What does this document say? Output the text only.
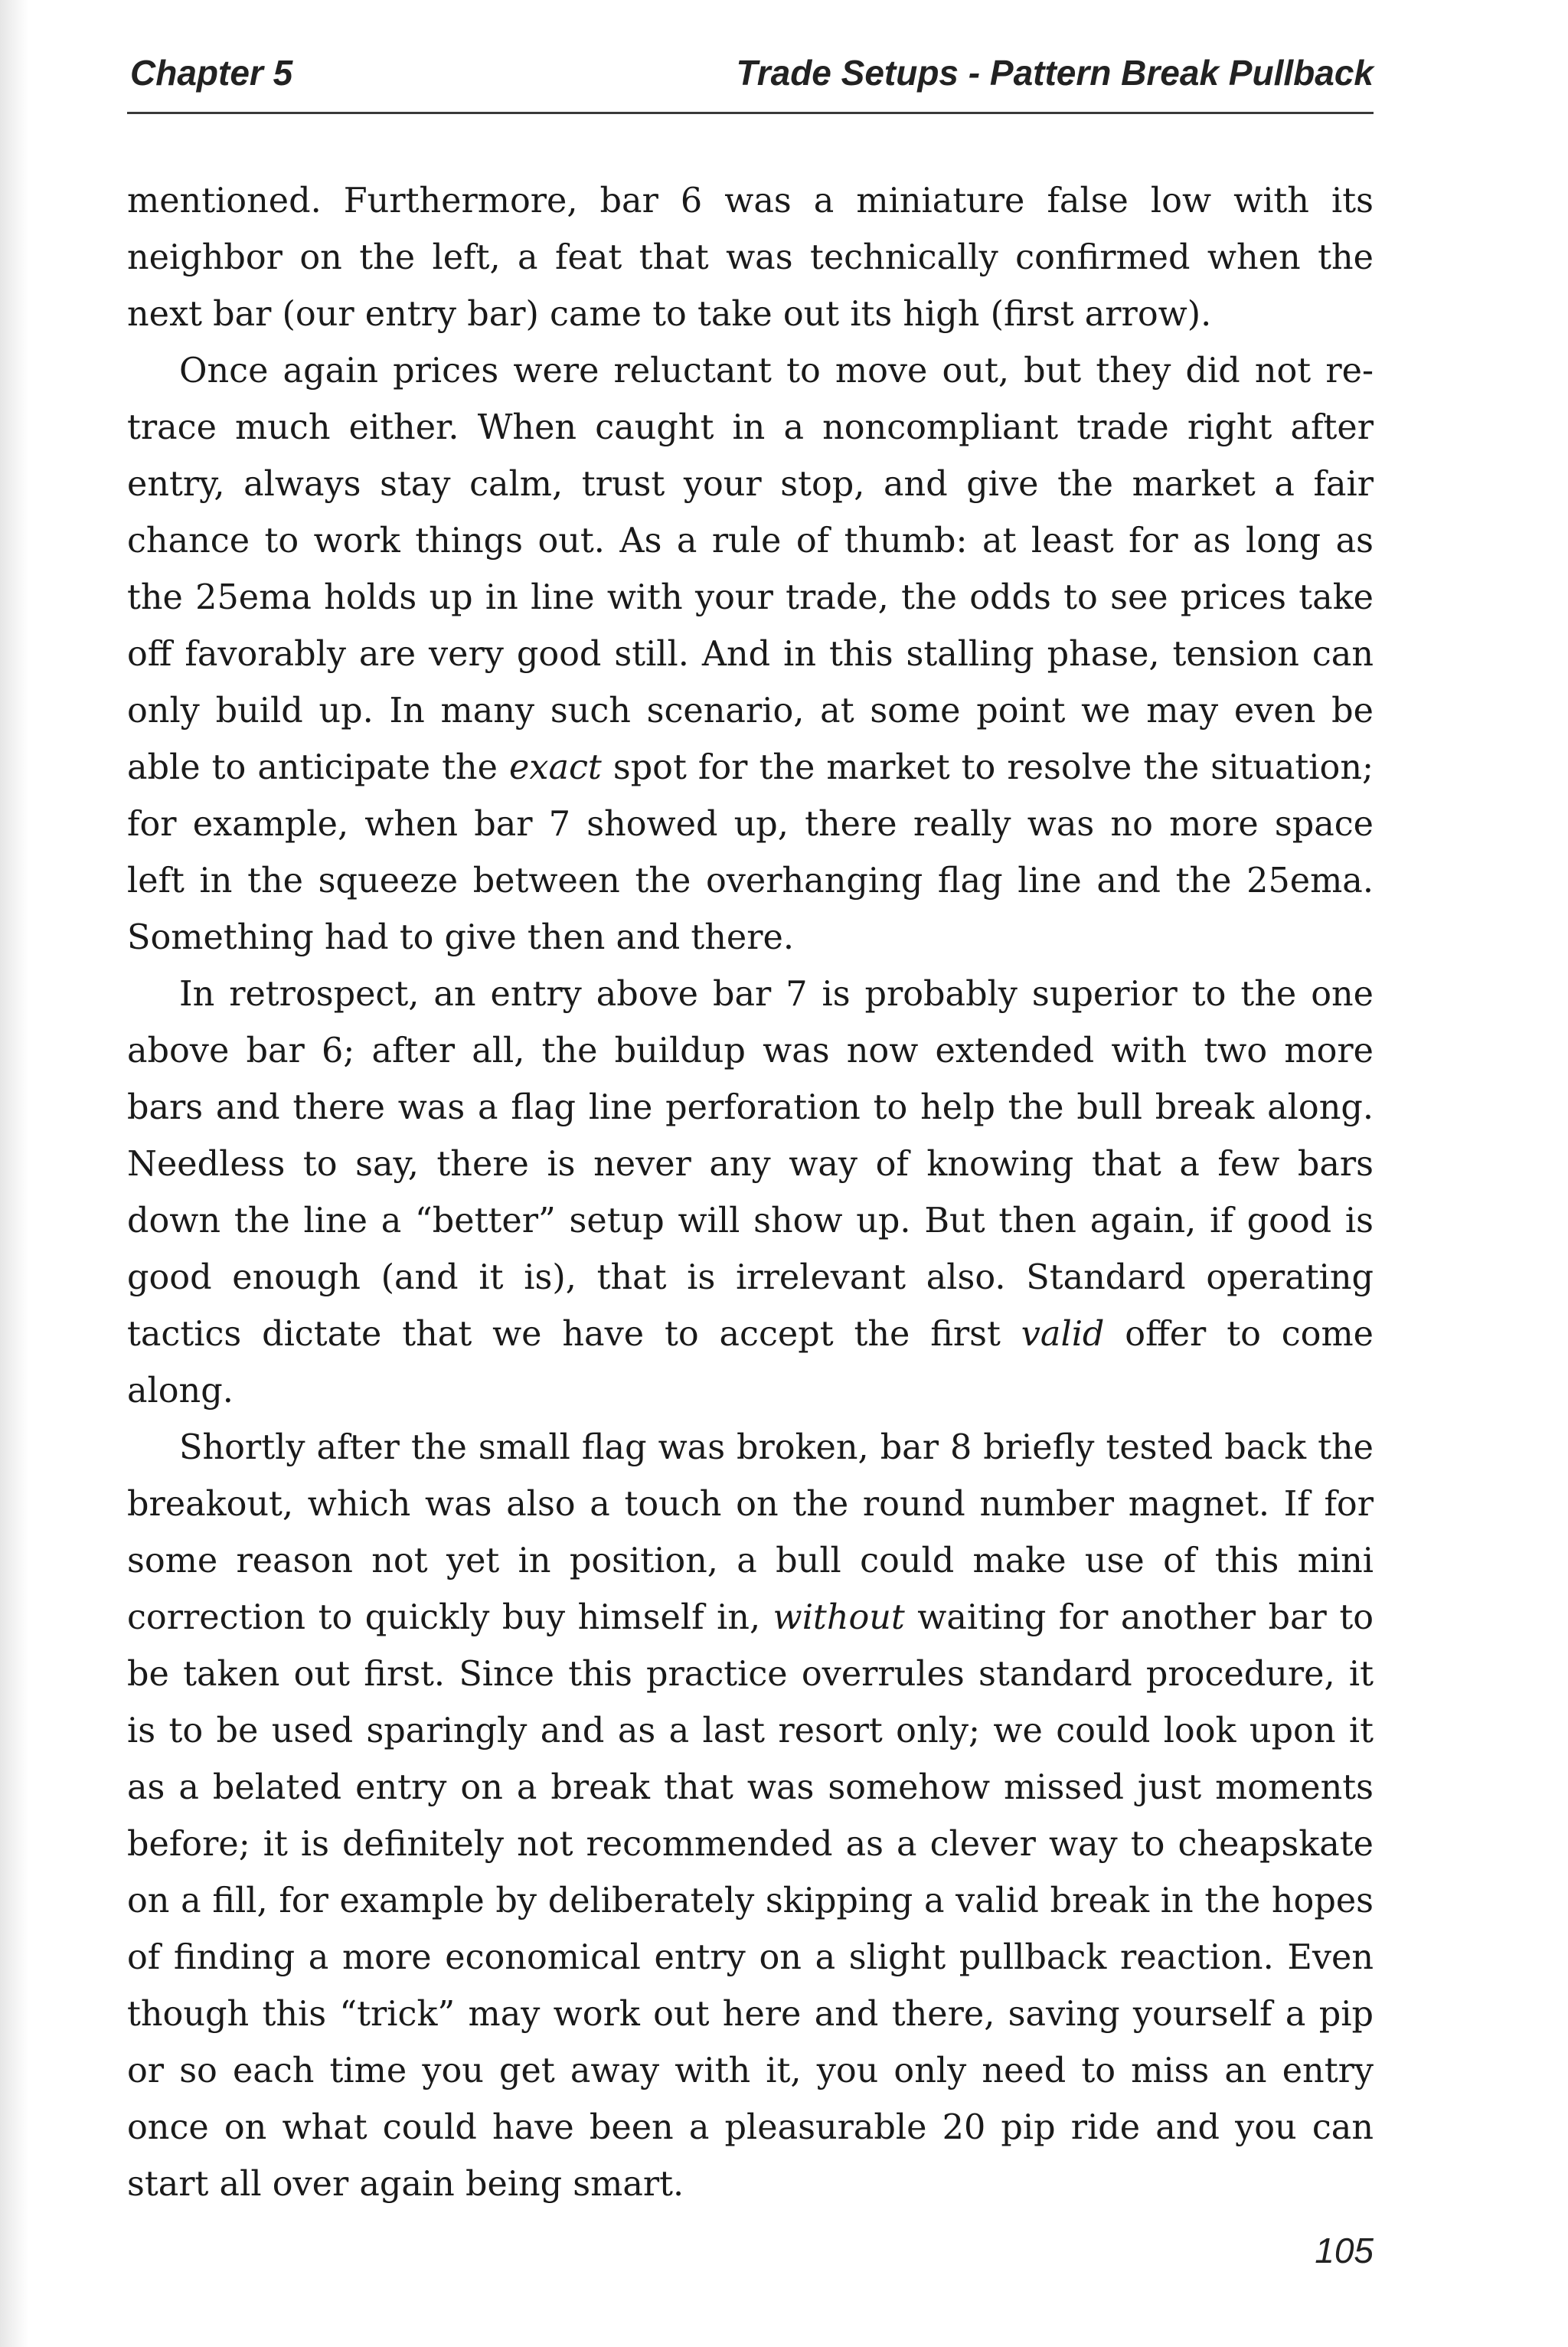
Chapter 5	Trade Setups - Pattern Break Pullback

mentioned. Furthermore, bar 6 was a miniature false low with its neighbor on the left, a feat that was technically confirmed when the next bar (our entry bar) came to take out its high (first arrow).

Once again prices were reluctant to move out, but they did not retrace much either. When caught in a noncompliant trade right after entry, always stay calm, trust your stop, and give the market a fair chance to work things out. As a rule of thumb: at least for as long as the 25ema holds up in line with your trade, the odds to see prices take off favorably are very good still. And in this stalling phase, tension can only build up. In many such scenario, at some point we may even be able to anticipate the exact spot for the market to resolve the situation; for example, when bar 7 showed up, there really was no more space left in the squeeze between the overhanging flag line and the 25ema. Something had to give then and there.

In retrospect, an entry above bar 7 is probably superior to the one above bar 6; after all, the buildup was now extended with two more bars and there was a flag line perforation to help the bull break along. Needless to say, there is never any way of knowing that a few bars down the line a “better” setup will show up. But then again, if good is good enough (and it is), that is irrelevant also. Standard operating tactics dictate that we have to accept the first valid offer to come along.

Shortly after the small flag was broken, bar 8 briefly tested back the breakout, which was also a touch on the round number magnet. If for some reason not yet in position, a bull could make use of this mini correction to quickly buy himself in, without waiting for another bar to be taken out first. Since this practice overrules standard procedure, it is to be used sparingly and as a last resort only; we could look upon it as a belated entry on a break that was somehow missed just moments before; it is definitely not recommended as a clever way to cheapskate on a fill, for example by deliberately skipping a valid break in the hopes of finding a more economical entry on a slight pullback reaction. Even though this “trick” may work out here and there, saving yourself a pip or so each time you get away with it, you only need to miss an entry once on what could have been a pleasurable 20 pip ride and you can start all over again being smart.

105
